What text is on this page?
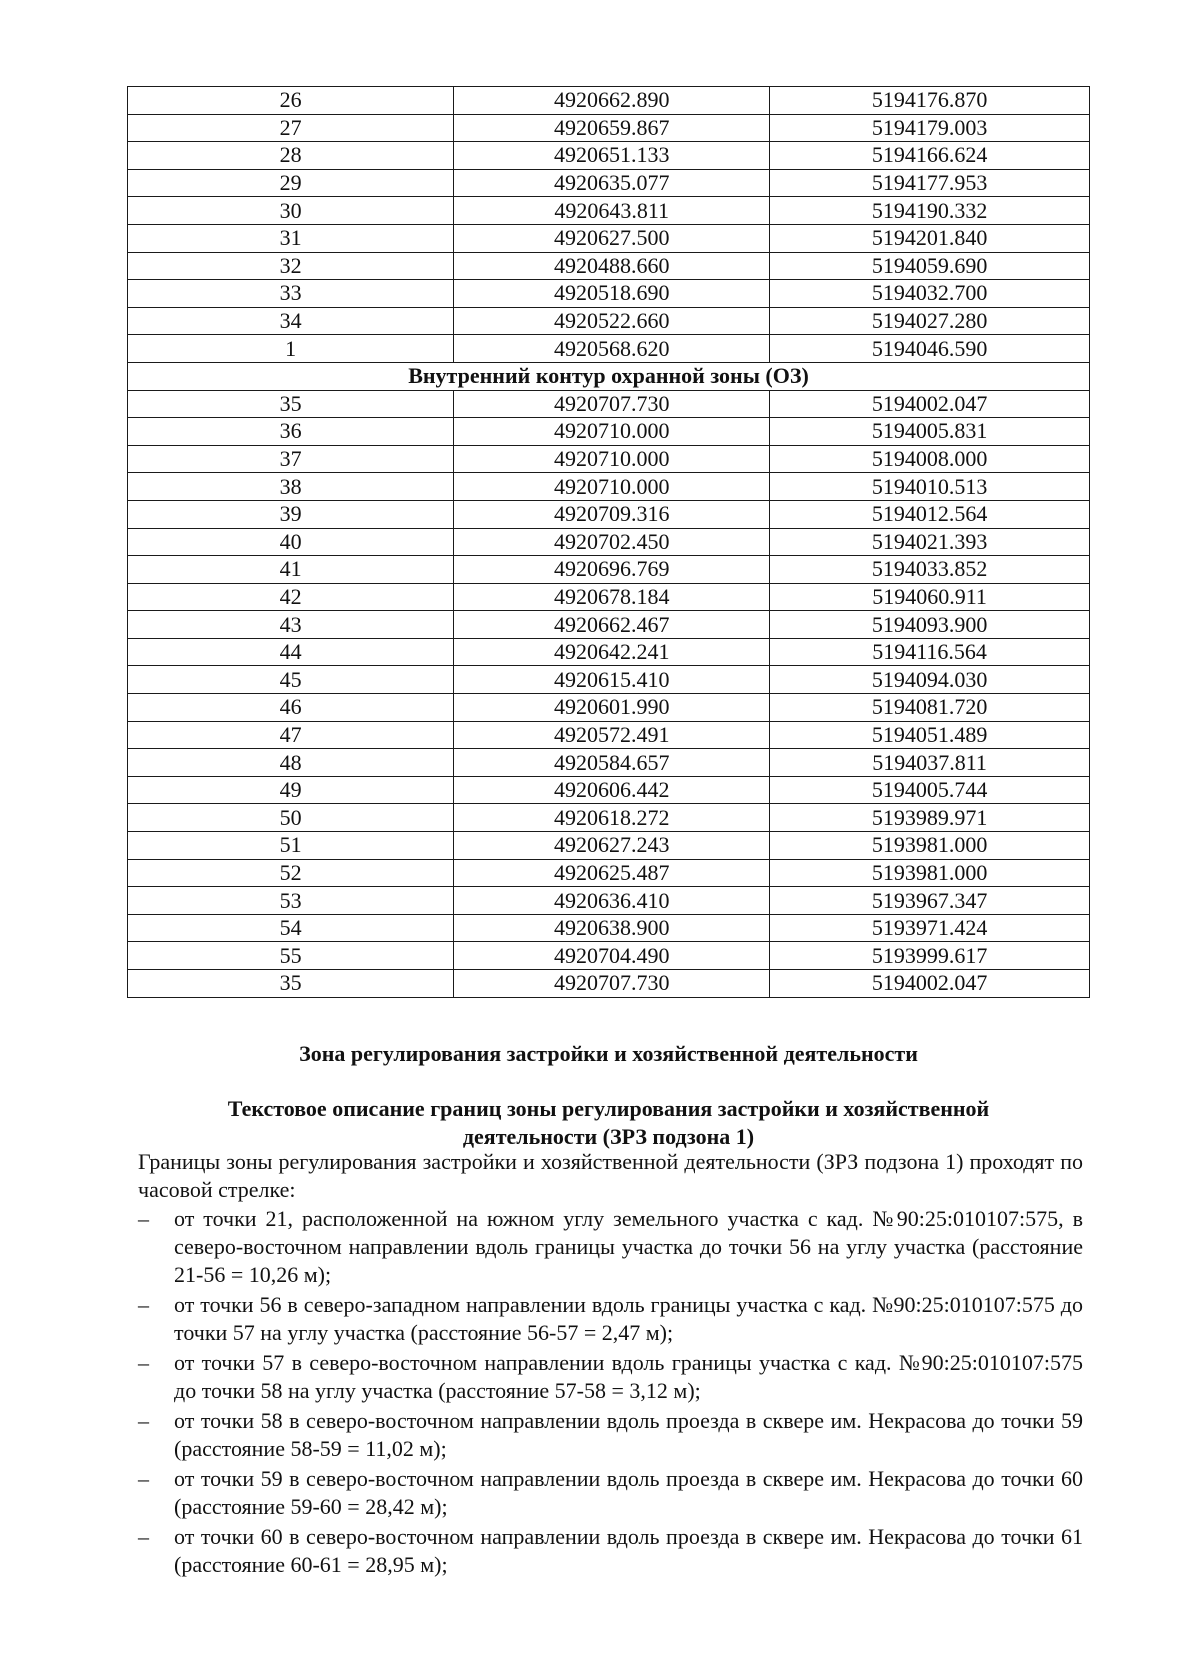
26	4920662.890	5194176.870
27	4920659.867	5194179.003
28	4920651.133	5194166.624
29	4920635.077	5194177.953
30	4920643.811	5194190.332
31	4920627.500	5194201.840
32	4920488.660	5194059.690
33	4920518.690	5194032.700
34	4920522.660	5194027.280
1	4920568.620	5194046.590
Внутренний контур охранной зоны (ОЗ)		
35	4920707.730	5194002.047
36	4920710.000	5194005.831
37	4920710.000	5194008.000
38	4920710.000	5194010.513
39	4920709.316	5194012.564
40	4920702.450	5194021.393
41	4920696.769	5194033.852
42	4920678.184	5194060.911
43	4920662.467	5194093.900
44	4920642.241	5194116.564
45	4920615.410	5194094.030
46	4920601.990	5194081.720
47	4920572.491	5194051.489
48	4920584.657	5194037.811
49	4920606.442	5194005.744
50	4920618.272	5193989.971
51	4920627.243	5193981.000
52	4920625.487	5193981.000
53	4920636.410	5193967.347
54	4920638.900	5193971.424
55	4920704.490	5193999.617
35	4920707.730	5194002.047

Зона регулирования застройки и хозяйственной деятельности

Текстовое описание границ зоны регулирования застройки и хозяйственной
деятельности (ЗРЗ подзона 1)

Границы зоны регулирования застройки и хозяйственной деятельности (ЗРЗ подзона 1) проходят по часовой стрелке:

– от точки 21, расположенной на южном углу земельного участка с кад. №90:25:010107:575, в северо-восточном направлении вдоль границы участка до точки 56 на углу участка (расстояние 21-56 = 10,26 м);
– от точки 56 в северо-западном направлении вдоль границы участка с кад. №90:25:010107:575 до точки 57 на углу участка (расстояние 56-57 = 2,47 м);
– от точки 57 в северо-восточном направлении вдоль границы участка с кад. №90:25:010107:575 до точки 58 на углу участка (расстояние 57-58 = 3,12 м);
– от точки 58 в северо-восточном направлении вдоль проезда в сквере им. Некрасова до точки 59 (расстояние 58-59 = 11,02 м);
– от точки 59 в северо-восточном направлении вдоль проезда в сквере им. Некрасова до точки 60 (расстояние 59-60 = 28,42 м);
– от точки 60 в северо-восточном направлении вдоль проезда в сквере им. Некрасова до точки 61 (расстояние 60-61 = 28,95 м);
